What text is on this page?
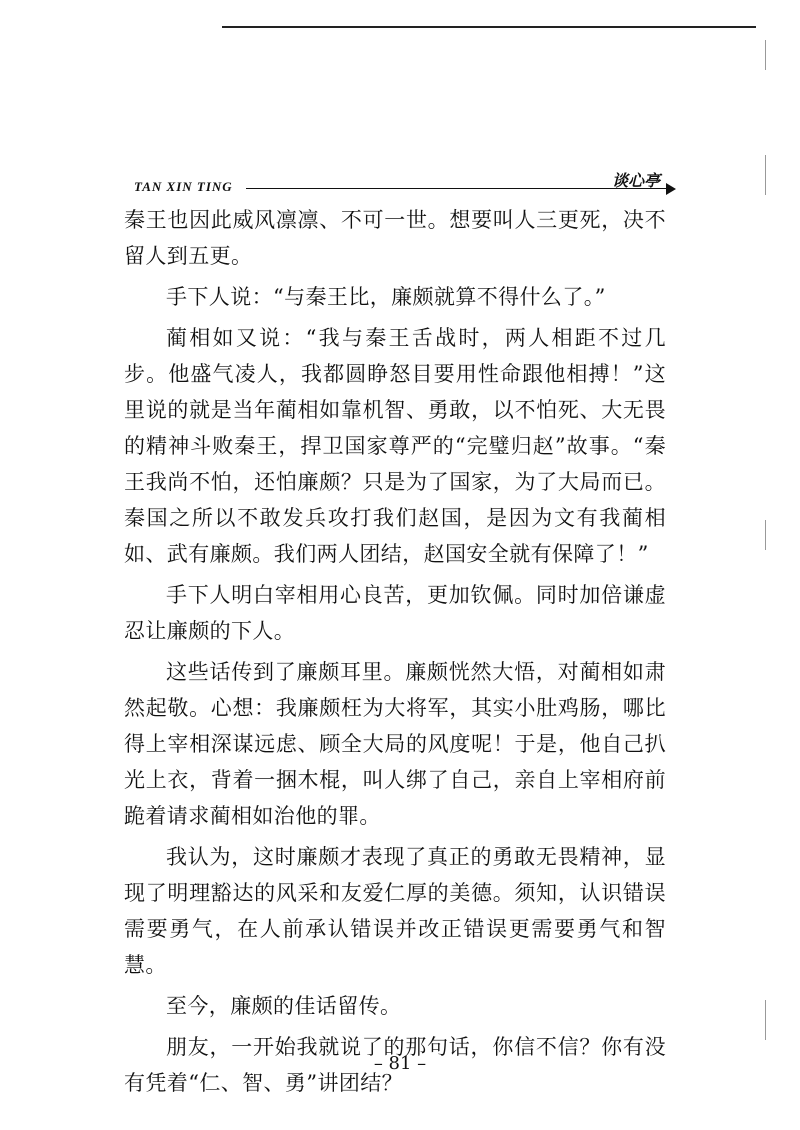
TAN XIN TING	谈心亭

秦王也因此威风凛凛、不可一世。想要叫人三更死，决不留人到五更。

手下人说：“与秦王比，廉颇就算不得什么了。”

蔺相如又说：“我与秦王舌战时，两人相距不过几步。他盛气凌人，我都圆睁怒目要用性命跟他相搏！”这里说的就是当年蔺相如靠机智、勇敢，以不怕死、大无畏的精神斗败秦王，捍卫国家尊严的“完璧归赵”故事。“秦王我尚不怕，还怕廉颇？只是为了国家，为了大局而已。秦国之所以不敢发兵攻打我们赵国，是因为文有我蔺相如、武有廉颇。我们两人团结，赵国安全就有保障了！”

手下人明白宰相用心良苦，更加钦佩。同时加倍谦虚忍让廉颇的下人。

这些话传到了廉颇耳里。廉颇恍然大悟，对蔺相如肃然起敬。心想：我廉颇枉为大将军，其实小肚鸡肠，哪比得上宰相深谋远虑、顾全大局的风度呢！于是，他自己扒光上衣，背着一捆木棍，叫人绑了自己，亲自上宰相府前跪着请求蔺相如治他的罪。

我认为，这时廉颇才表现了真正的勇敢无畏精神，显现了明理豁达的风采和友爱仁厚的美德。须知，认识错误需要勇气，在人前承认错误并改正错误更需要勇气和智慧。

至今，廉颇的佳话留传。

朋友，一开始我就说了的那句话，你信不信？你有没有凭着“仁、智、勇”讲团结？

– 81 –
